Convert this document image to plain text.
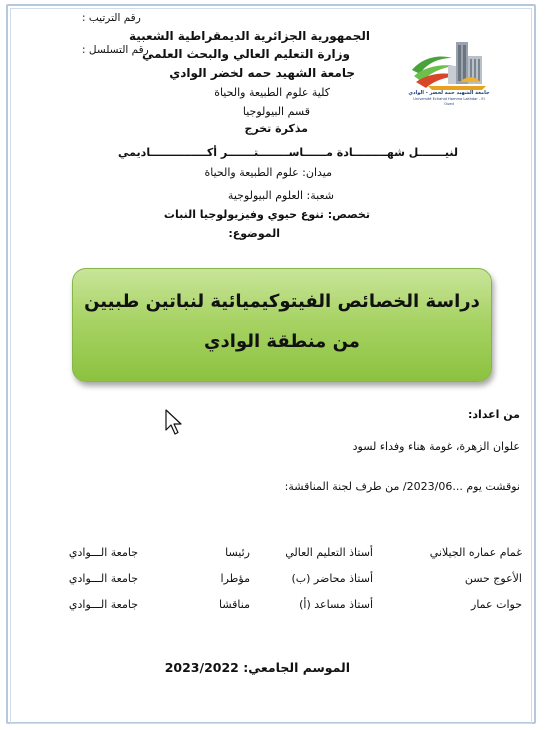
رقم الترتيب :
رقم التسلسل :
الجمهورية الجزائرية الديمقراطية الشعبية
وزارة التعليم العالي والبحث العلمي
جامعة الشهيد حمه لخضر الوادي
كلية علوم الطبيعة والحياة
قسم البيولوجيا
مذكرة تخرج
لنيـــــــل شهـــــــــادة مــــــاســــــــتـــــــر أكـــــــــــــــاديمي
ميدان: علوم الطبيعة والحياة
شعبة: العلوم البيولوجية
تخصص: تنوع حيوي وفيزيولوجيا النبات
الموضوع:
جامعة الشهيد حمه لخضر - الوادي
Université Echahid Hamma Lakhdar - El Oued
دراسة الخصائص الفيتوكيميائية لنباتين طبيين
من منطقة الوادي
من اعداد:
علوان الزهرة، غومة هناء وفداء لسود
نوقشت يوم ...2023/06/ من طرف لجنة المناقشة:
غمام عماره الجيلاني
أستاذ التعليم العالي
رئيسا
جامعة الـــوادي
الأعوج حسن
أستاذ محاضر (ب)
مؤطرا
جامعة الـــوادي
حوات عمار
أستاذ مساعد (أ)
مناقشا
جامعة الـــوادي
الموسم الجامعي: 2023/2022
